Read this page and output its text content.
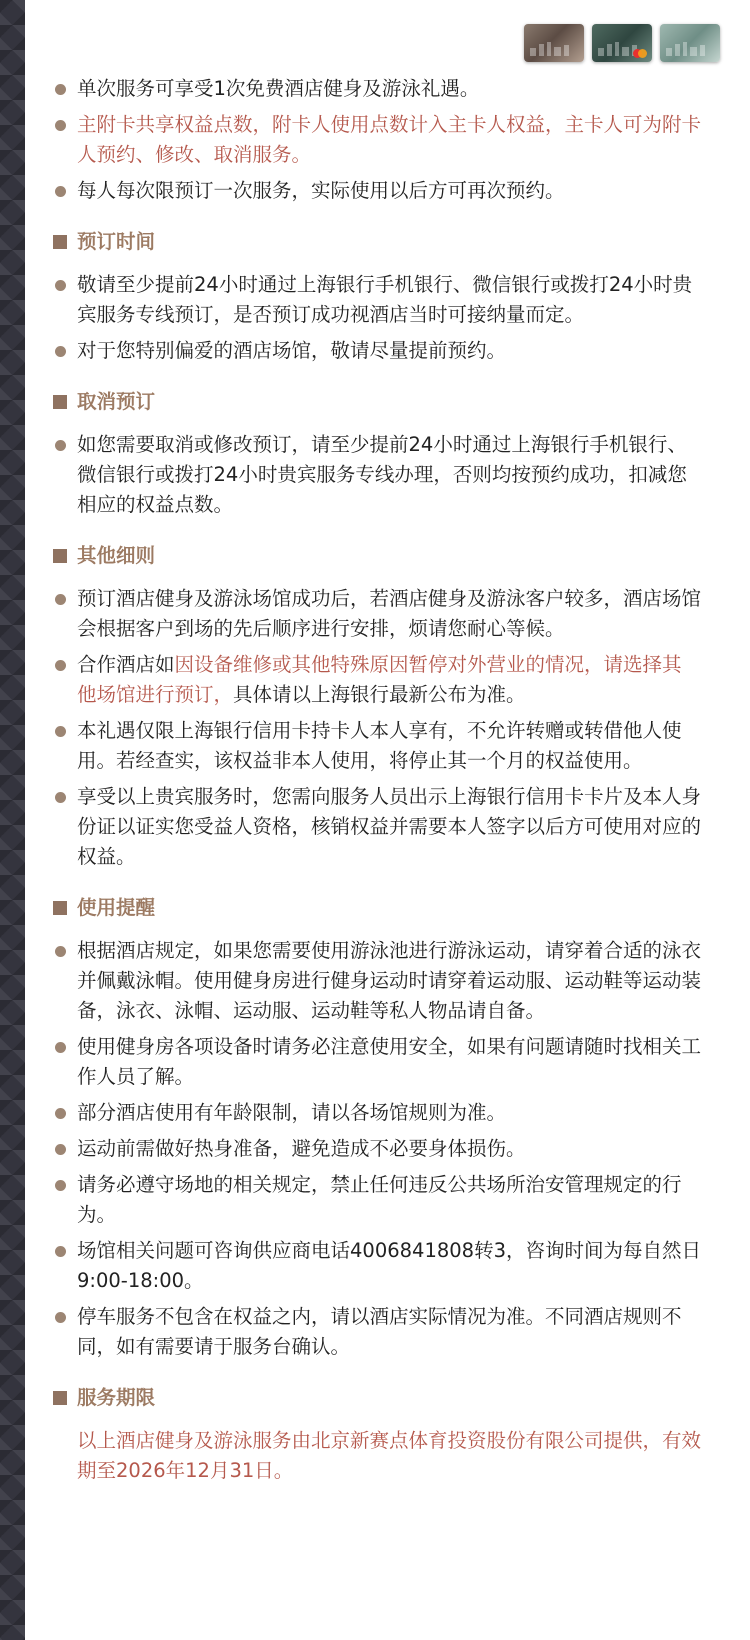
单次服务可享受1次免费酒店健身及游泳礼遇。
主附卡共享权益点数，附卡人使用点数计入主卡人权益，主卡人可为附卡人预约、修改、取消服务。
每人每次限预订一次服务，实际使用以后方可再次预约。
预订时间
敬请至少提前24小时通过上海银行手机银行、微信银行或拨打24小时贵宾服务专线预订，是否预订成功视酒店当时可接纳量而定。
对于您特别偏爱的酒店场馆，敬请尽量提前预约。
取消预订
如您需要取消或修改预订，请至少提前24小时通过上海银行手机银行、微信银行或拨打24小时贵宾服务专线办理，否则均按预约成功，扣减您相应的权益点数。
其他细则
预订酒店健身及游泳场馆成功后，若酒店健身及游泳客户较多，酒店场馆会根据客户到场的先后顺序进行安排，烦请您耐心等候。
合作酒店如因设备维修或其他特殊原因暂停对外营业的情况，请选择其他场馆进行预订，具体请以上海银行最新公布为准。
本礼遇仅限上海银行信用卡持卡人本人享有，不允许转赠或转借他人使用。若经查实，该权益非本人使用，将停止其一个月的权益使用。
享受以上贵宾服务时，您需向服务人员出示上海银行信用卡卡片及本人身份证以证实您受益人资格，核销权益并需要本人签字以后方可使用对应的权益。
使用提醒
根据酒店规定，如果您需要使用游泳池进行游泳运动，请穿着合适的泳衣并佩戴泳帽。使用健身房进行健身运动时请穿着运动服、运动鞋等运动装备，泳衣、泳帽、运动服、运动鞋等私人物品请自备。
使用健身房各项设备时请务必注意使用安全，如果有问题请随时找相关工作人员了解。
部分酒店使用有年龄限制，请以各场馆规则为准。
运动前需做好热身准备，避免造成不必要身体损伤。
请务必遵守场地的相关规定，禁止任何违反公共场所治安管理规定的行为。
场馆相关问题可咨询供应商电话4006841808转3，咨询时间为每自然日9:00-18:00。
停车服务不包含在权益之内，请以酒店实际情况为准。不同酒店规则不同，如有需要请于服务台确认。
服务期限
以上酒店健身及游泳服务由北京新赛点体育投资股份有限公司提供，有效期至2026年12月31日。
